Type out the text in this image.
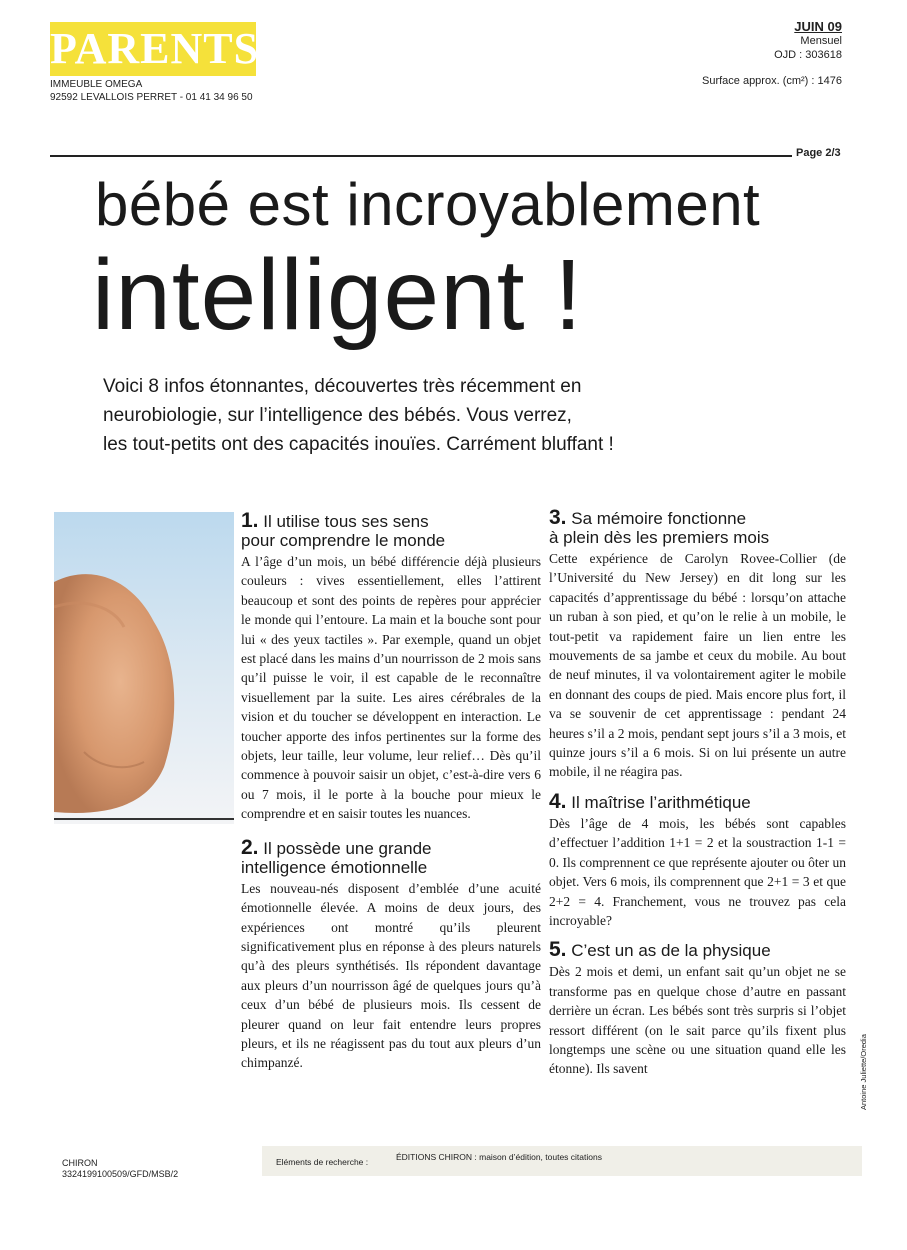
PARENTS
IMMEUBLE OMEGA
92592 LEVALLOIS PERRET - 01 41 34 96 50
JUIN 09
Mensuel
OJD : 303618
Surface approx. (cm²) : 1476
Page 2/3
bébé est incroyablement
intelligent !
Voici 8 infos étonnantes, découvertes très récemment en
neurobiologie, sur l’intelligence des bébés. Vous verrez,
les tout-petits ont des capacités inouïes. Carrément bluffant !
1. Il utilise tous ses sens
pour comprendre le monde

A l’âge d’un mois, un bébé différencie déjà plusieurs couleurs : vives essentiellement, elles l’attirent beaucoup et sont des points de repères pour apprécier le monde qui l’entoure. La main et la bouche sont pour lui « des yeux tactiles ». Par exemple, quand un objet est placé dans les mains d’un nourrisson de 2 mois sans qu’il puisse le voir, il est capable de le reconnaître visuellement par la suite. Les aires cérébrales de la vision et du toucher se développent en interaction. Le toucher apporte des infos pertinentes sur la forme des objets, leur taille, leur volume, leur relief… Dès qu’il commence à pouvoir saisir un objet, c’est-à-dire vers 6 ou 7 mois, il le porte à la bouche pour mieux le comprendre et en saisir toutes les nuances.

2. Il possède une grande
intelligence émotionnelle

Les nouveau-nés disposent d’emblée d’une acuité émotionnelle élevée. A moins de deux jours, des expériences ont montré qu’ils pleurent significativement plus en réponse à des pleurs naturels qu’à des pleurs synthétisés. Ils répondent davantage aux pleurs d’un nourrisson âgé de quelques jours qu’à ceux d’un bébé de plusieurs mois. Ils cessent de pleurer quand on leur fait entendre leurs propres pleurs, et ils ne réagissent pas du tout aux pleurs d’un chimpanzé.

3. Sa mémoire fonctionne
à plein dès les premiers mois

Cette expérience de Carolyn Rovee-Collier (de l’Université du New Jersey) en dit long sur les capacités d’apprentissage du bébé : lorsqu’on attache un ruban à son pied, et qu’on le relie à un mobile, le tout-petit va rapidement faire un lien entre les mouvements de sa jambe et ceux du mobile. Au bout de neuf minutes, il va volontairement agiter le mobile en donnant des coups de pied. Mais encore plus fort, il va se souvenir de cet apprentissage : pendant 24 heures s’il a 2 mois, pendant sept jours s’il a 3 mois, et quinze jours s’il a 6 mois. Si on lui présente un autre mobile, il ne réagira pas.

4. Il maîtrise l’arithmétique

Dès l’âge de 4 mois, les bébés sont capables d’effectuer l’addition 1+1 = 2 et la soustraction 1-1 = 0. Ils comprennent ce que représente ajouter ou ôter un objet. Vers 6 mois, ils comprennent que 2+1 = 3 et que 2+2 = 4. Franchement, vous ne trouvez pas cela incroyable?

5. C’est un as de la physique

Dès 2 mois et demi, un enfant sait qu’un objet ne se transforme pas en quelque chose d’autre en passant derrière un écran. Les bébés sont très surpris si l’objet ressort différent (on le sait parce qu’ils fixent plus longtemps une scène ou une situation quand elle les étonne). Ils savent	Antoine Juliette/Oredia
CHIRON
3324199100509/GFD/MSB/2
Eléments de recherche :	ÉDITIONS CHIRON : maison d’édition, toutes citations
